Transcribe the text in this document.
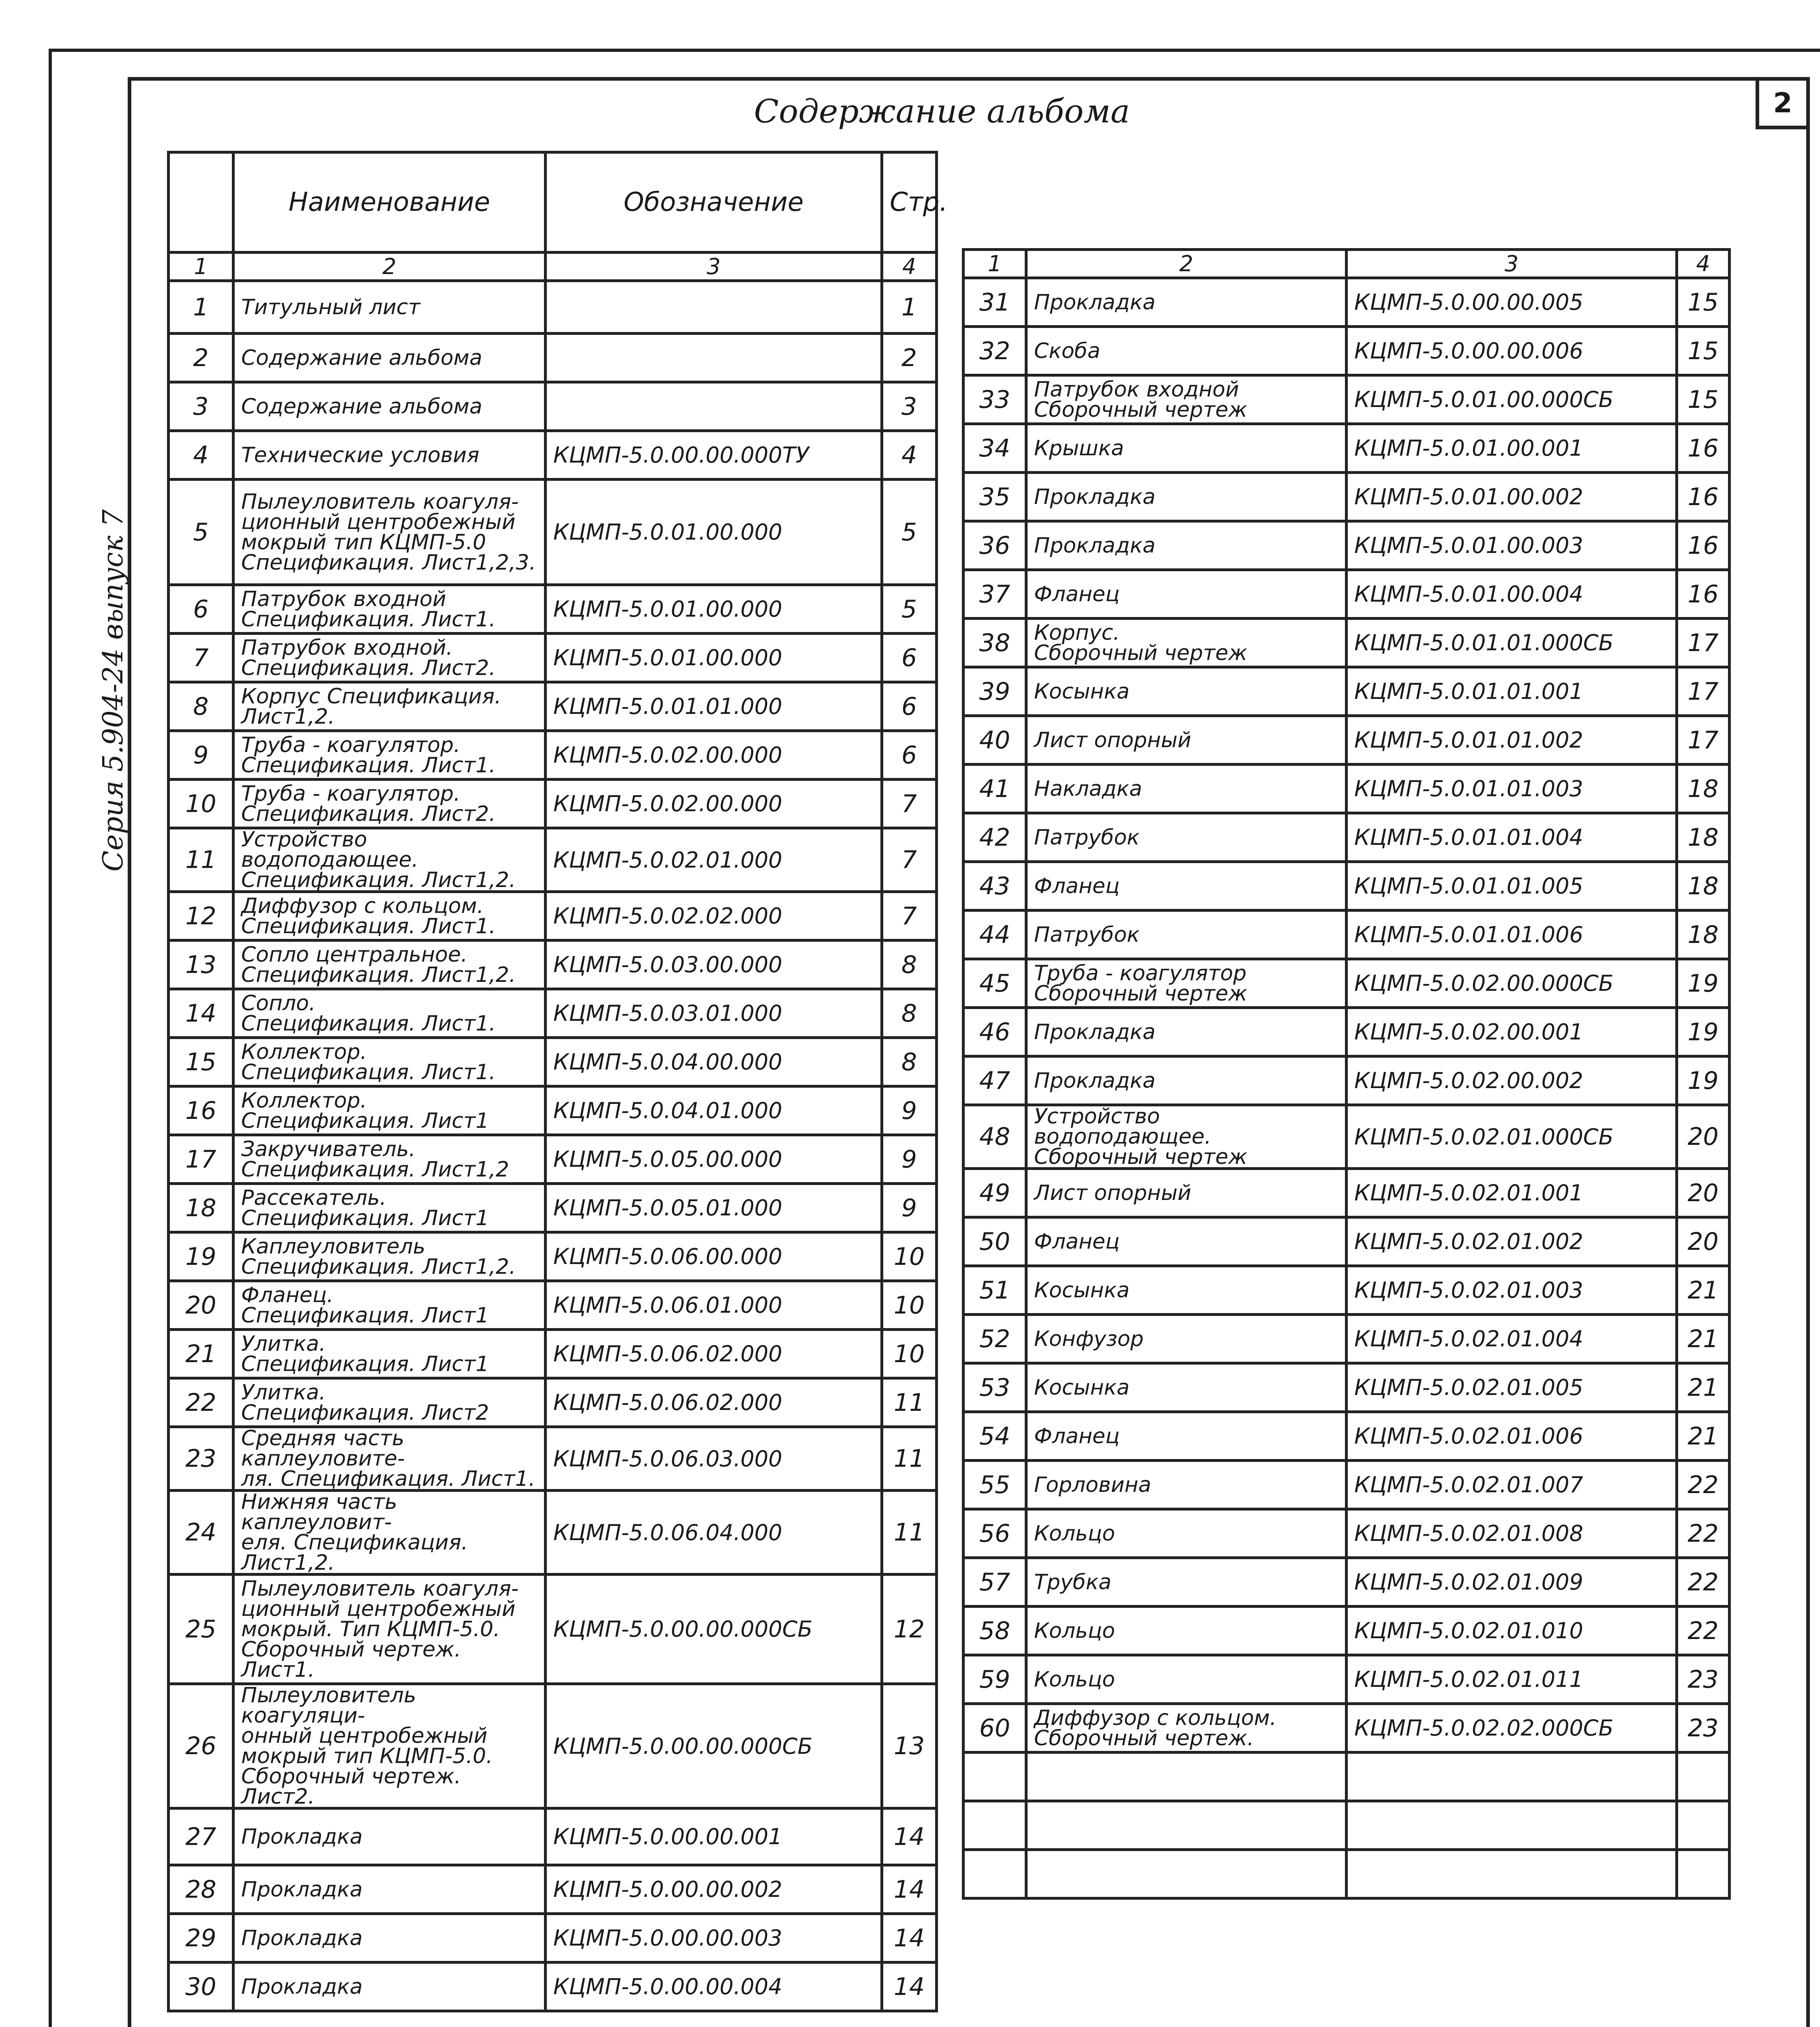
2
Содержание альбома
Серия 5.904-24 выпуск 7
	Наименование	Обозначение	Стр.
1	2	3	4
1	Титульный лист		1
2	Содержание альбома		2
3	Содержание альбома		3
4	Технические условия	КЦМП-5.0.00.00.000ТУ	4
5	Пылеуловитель коагуля-
ционный центробежный
мокрый тип КЦМП-5.0
Спецификация. Лист1,2,3.	КЦМП-5.0.01.00.000	5
6	Патрубок входной
Спецификация. Лист1.	КЦМП-5.0.01.00.000	5
7	Патрубок входной.
Спецификация. Лист2.	КЦМП-5.0.01.00.000	6
8	Корпус Спецификация. Лист1,2.	КЦМП-5.0.01.01.000	6
9	Труба - коагулятор.
Спецификация. Лист1.	КЦМП-5.0.02.00.000	6
10	Труба - коагулятор.
Спецификация. Лист2.	КЦМП-5.0.02.00.000	7
11	Устройство водоподающее.
Спецификация. Лист1,2.	КЦМП-5.0.02.01.000	7
12	Диффузор с кольцом.
Спецификация. Лист1.	КЦМП-5.0.02.02.000	7
13	Сопло центральное.
Спецификация. Лист1,2.	КЦМП-5.0.03.00.000	8
14	Сопло.
Спецификация. Лист1.	КЦМП-5.0.03.01.000	8
15	Коллектор.
Спецификация. Лист1.	КЦМП-5.0.04.00.000	8
16	Коллектор.
Спецификация. Лист1	КЦМП-5.0.04.01.000	9
17	Закручиватель.
Спецификация. Лист1,2	КЦМП-5.0.05.00.000	9
18	Рассекатель.
Спецификация. Лист1	КЦМП-5.0.05.01.000	9
19	Каплеуловитель
Спецификация. Лист1,2.	КЦМП-5.0.06.00.000	10
20	Фланец.
Спецификация. Лист1	КЦМП-5.0.06.01.000	10
21	Улитка.
Спецификация. Лист1	КЦМП-5.0.06.02.000	10
22	Улитка.
Спецификация. Лист2	КЦМП-5.0.06.02.000	11
23	Средняя часть каплеуловите-
ля. Спецификация. Лист1.	КЦМП-5.0.06.03.000	11
24	Нижняя часть каплеуловит-
еля. Спецификация. Лист1,2.	КЦМП-5.0.06.04.000	11
25	Пылеуловитель коагуля-
ционный центробежный
мокрый. Тип КЦМП-5.0.
Сборочный чертеж. Лист1.	КЦМП-5.0.00.00.000СБ	12
26	Пылеуловитель коагуляци-
онный центробежный
мокрый тип КЦМП-5.0.
Сборочный чертеж. Лист2.	КЦМП-5.0.00.00.000СБ	13
27	Прокладка	КЦМП-5.0.00.00.001	14
28	Прокладка	КЦМП-5.0.00.00.002	14
29	Прокладка	КЦМП-5.0.00.00.003	14
30	Прокладка	КЦМП-5.0.00.00.004	14
1	2	3	4
31	Прокладка	КЦМП-5.0.00.00.005	15
32	Скоба	КЦМП-5.0.00.00.006	15
33	Патрубок входной
Сборочный чертеж	КЦМП-5.0.01.00.000СБ	15
34	Крышка	КЦМП-5.0.01.00.001	16
35	Прокладка	КЦМП-5.0.01.00.002	16
36	Прокладка	КЦМП-5.0.01.00.003	16
37	Фланец	КЦМП-5.0.01.00.004	16
38	Корпус.
Сборочный чертеж	КЦМП-5.0.01.01.000СБ	17
39	Косынка	КЦМП-5.0.01.01.001	17
40	Лист опорный	КЦМП-5.0.01.01.002	17
41	Накладка	КЦМП-5.0.01.01.003	18
42	Патрубок	КЦМП-5.0.01.01.004	18
43	Фланец	КЦМП-5.0.01.01.005	18
44	Патрубок	КЦМП-5.0.01.01.006	18
45	Труба - коагулятор
Сборочный чертеж	КЦМП-5.0.02.00.000СБ	19
46	Прокладка	КЦМП-5.0.02.00.001	19
47	Прокладка	КЦМП-5.0.02.00.002	19
48	Устройство водоподающее.
Сборочный чертеж	КЦМП-5.0.02.01.000СБ	20
49	Лист опорный	КЦМП-5.0.02.01.001	20
50	Фланец	КЦМП-5.0.02.01.002	20
51	Косынка	КЦМП-5.0.02.01.003	21
52	Конфузор	КЦМП-5.0.02.01.004	21
53	Косынка	КЦМП-5.0.02.01.005	21
54	Фланец	КЦМП-5.0.02.01.006	21
55	Горловина	КЦМП-5.0.02.01.007	22
56	Кольцо	КЦМП-5.0.02.01.008	22
57	Трубка	КЦМП-5.0.02.01.009	22
58	Кольцо	КЦМП-5.0.02.01.010	22
59	Кольцо	КЦМП-5.0.02.01.011	23
60	Диффузор с кольцом.
Сборочный чертеж.	КЦМП-5.0.02.02.000СБ	23
